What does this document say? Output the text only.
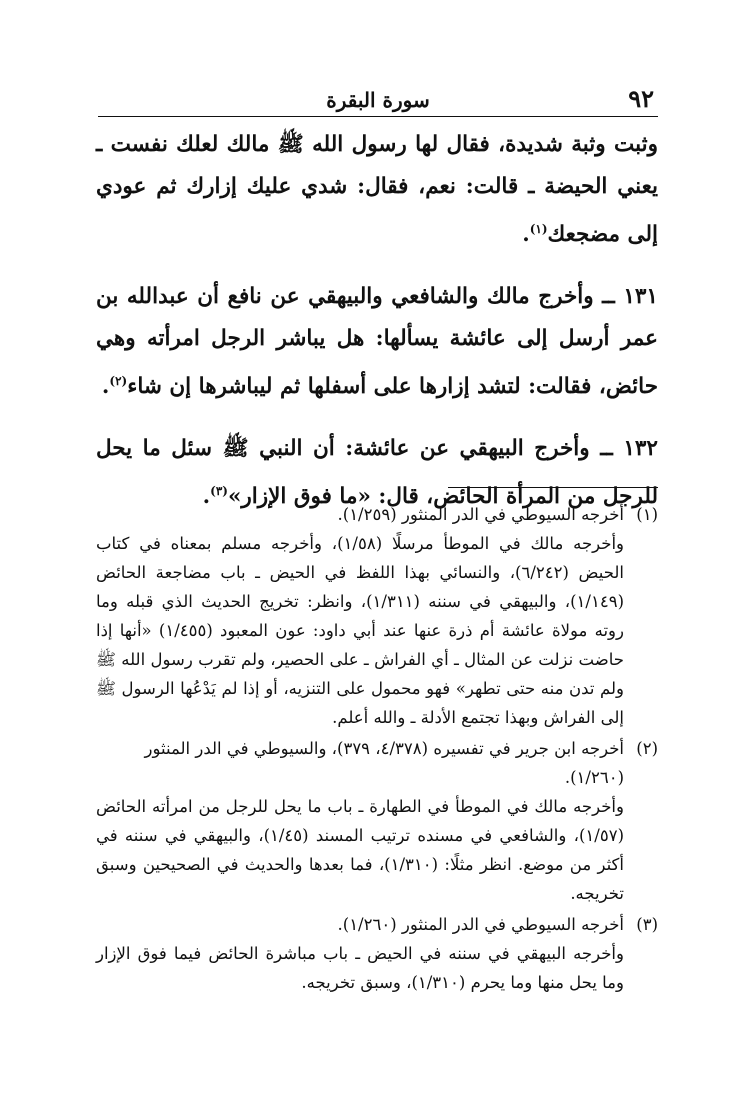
٩٢
سورة البقرة

وثبت وثبة شديدة، فقال لها رسول الله ﷺ مالك لعلك نفست ـ يعني الحيضة ـ قالت: نعم، فقال: شدي عليك إزارك ثم عودي إلى مضجعك$^{(١)}$.

١٣١ ــ وأخرج مالك والشافعي والبيهقي عن نافع أن عبدالله بن عمر أرسل إلى عائشة يسألها: هل يباشر الرجل امرأته وهي حائض، فقالت: لتشد إزارها على أسفلها ثم ليباشرها إن شاء$^{(٢)}$.

١٣٢ ــ وأخرج البيهقي عن عائشة: أن النبي ﷺ سئل ما يحل للرجل من المرأة الحائض، قال: «ما فوق الإزار»$^{(٣)}$.

(١)
أخرجه السيوطي في الدر المنثور (١/٢٥٩).
وأخرجه مالك في الموطأ مرسلًا (١/٥٨)، وأخرجه مسلم بمعناه في كتاب الحيض (٦/٢٤٢)، والنسائي بهذا اللفظ في الحيض ـ باب مضاجعة الحائض (١/١٤٩)، والبيهقي في سننه (١/٣١١)، وانظر: تخريج الحديث الذي قبله وما روته مولاة عائشة أم ذرة عنها عند أبي داود: عون المعبود (١/٤٥٥) «أنها إذا حاضت نزلت عن المثال ـ أي الفراش ـ على الحصير، ولم تقرب رسول الله ﷺ ولم تدن منه حتى تطهر» فهو محمول على التنزيه، أو إذا لم يَدْعُها الرسول ﷺ إلى الفراش وبهذا تجتمع الأدلة ـ والله أعلم.
(٢)
أخرجه ابن جرير في تفسيره (٤/٣٧٨، ٣٧٩)، والسيوطي في الدر المنثور (١/٢٦٠).
وأخرجه مالك في الموطأ في الطهارة ـ باب ما يحل للرجل من امرأته الحائض (١/٥٧)، والشافعي في مسنده ترتيب المسند (١/٤٥)، والبيهقي في سننه في أكثر من موضع. انظر مثلًا: (١/٣١٠)، فما بعدها والحديث في الصحيحين وسبق تخريجه.
(٣)
أخرجه السيوطي في الدر المنثور (١/٢٦٠).
وأخرجه البيهقي في سننه في الحيض ـ باب مباشرة الحائض فيما فوق الإزار وما يحل منها وما يحرم (١/٣١٠)، وسبق تخريجه.
